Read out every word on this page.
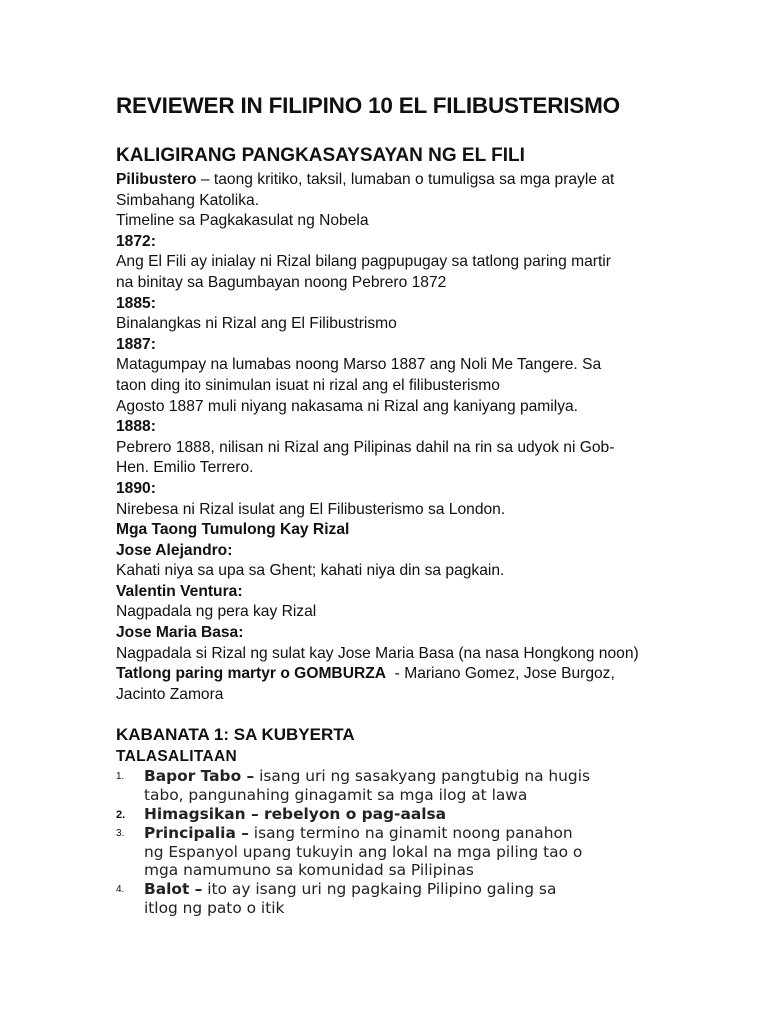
REVIEWER IN FILIPINO 10 EL FILIBUSTERISMO
KALIGIRANG PANGKASAYSAYAN NG EL FILI

Pilibustero – taong kritiko, taksil, lumaban o tumuligsa sa mga prayle at

Simbahang Katolika.

Timeline sa Pagkakasulat ng Nobela

1872:

Ang El Fili ay inialay ni Rizal bilang pagpupugay sa tatlong paring martir

na binitay sa Bagumbayan noong Pebrero 1872

1885:

Binalangkas ni Rizal ang El Filibustrismo

1887:

Matagumpay na lumabas noong Marso 1887 ang Noli Me Tangere. Sa

taon ding ito sinimulan isuat ni rizal ang el filibusterismo

Agosto 1887 muli niyang nakasama ni Rizal ang kaniyang pamilya.

1888:

Pebrero 1888, nilisan ni Rizal ang Pilipinas dahil na rin sa udyok ni Gob-

Hen. Emilio Terrero.

1890:

Nirebesa ni Rizal isulat ang El Filibusterismo sa London.

Mga Taong Tumulong Kay Rizal

Jose Alejandro:

Kahati niya sa upa sa Ghent; kahati niya din sa pagkain.

Valentin Ventura:

Nagpadala ng pera kay Rizal

Jose Maria Basa:

Nagpadala si Rizal ng sulat kay Jose Maria Basa (na nasa Hongkong noon)

Tatlong paring martyr o GOMBURZA  - Mariano Gomez, Jose Burgoz,

Jacinto Zamora

KABANATA 1: SA KUBYERTA

TALASALITAAN

1. Bapor Tabo – isang uri ng sasakyang pangtubig na hugis
tabo, pangunahing ginagamit sa mga ilog at lawa
2. Himagsikan – rebelyon o pag-aalsa
3. Principalia – isang termino na ginamit noong panahon
ng Espanyol upang tukuyin ang lokal na mga piling tao o
mga namumuno sa komunidad sa Pilipinas
4. Balot – ito ay isang uri ng pagkaing Pilipino galing sa
itlog ng pato o itik
